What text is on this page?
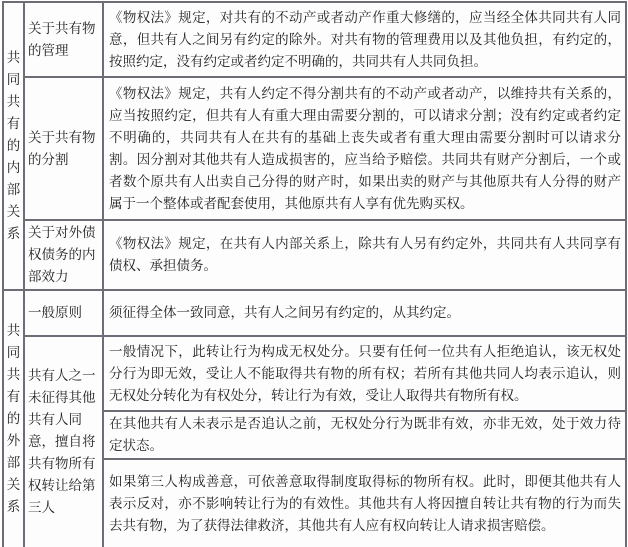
共同共有的内部关系	关于共有物的管理	《物权法》规定，对共有的不动产或者动产作重大修缮的，应当经全体共同共有人同意，但共有人之间另有约定的除外。对共有物的管理费用以及其他负担，有约定的，按照约定，没有约定或者约定不明确的，共同共有人共同负担。
	关于共有物的分割	《物权法》规定，共有人约定不得分割共有的不动产或者动产，以维持共有关系的，应当按照约定，但共有人有重大理由需要分割的，可以请求分割；没有约定或者约定不明确的，共同共有人在共有的基础上丧失或者有重大理由需要分割时可以请求分割。因分割对其他共有人造成损害的，应当给予赔偿。共同共有财产分割后，一个或者数个原共有人出卖自己分得的财产时，如果出卖的财产与其他原共有人分得的财产属于一个整体或者配套使用，其他原共有人享有优先购买权。
	关于对外债权债务的内部效力	《物权法》规定，在共有人内部关系上，除共有人另有约定外，共同共有人共同享有债权、承担债务。
共同共有的外部关系	一般原则	须征得全体一致同意，共有人之间另有约定的，从其约定。
	共有人之一未征得其他共有人同意，擅自将共有物所有权转让给第三人	一般情况下，此转让行为构成无权处分。只要有任何一位共有人拒绝追认，该无权处分行为即无效，受让人不能取得共有物的所有权；若所有其他共同人均表示追认，则无权处分转化为有权处分，转让行为有效，受让人取得共有物所有权。
		在其他共有人未表示是否追认之前，无权处分行为既非有效，亦非无效，处于效力待定状态。
		如果第三人构成善意，可依善意取得制度取得标的物所有权。此时，即便其他共有人表示反对，亦不影响转让行为的有效性。其他共有人将因擅自转让共有物的行为而失去共有物，为了获得法律救济，其他共有人应有权向转让人请求损害赔偿。
